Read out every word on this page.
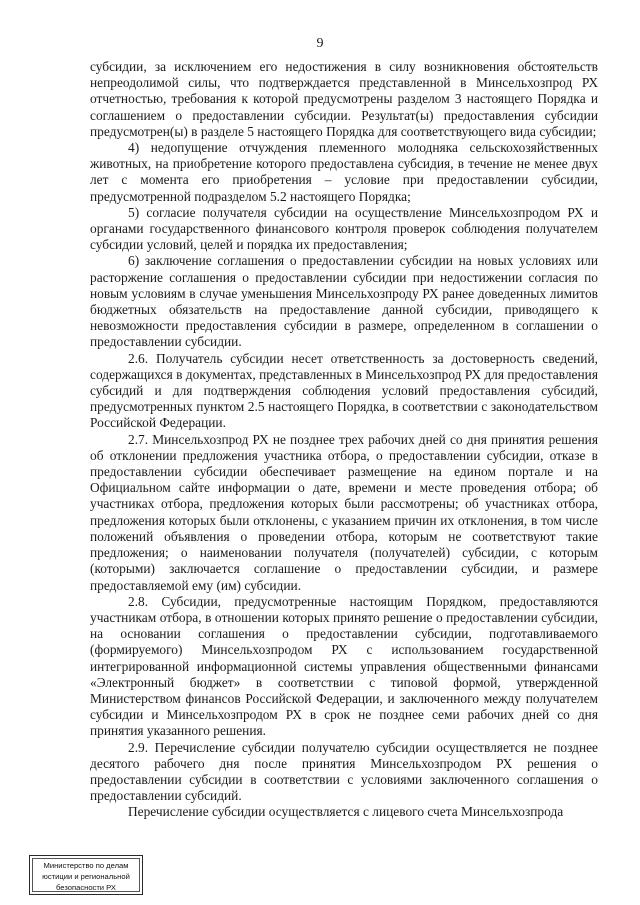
9

субсидии, за исключением его недостижения в силу возникновения обстоятельств непреодолимой силы, что подтверждается представленной в Минсельхозпрод РХ отчетностью, требования к которой предусмотрены разделом 3 настоящего Порядка и соглашением о предоставлении субсидии. Результат(ы) предоставления субсидии предусмотрен(ы) в разделе 5 настоящего Порядка для соответствующего вида субсидии;

4) недопущение отчуждения племенного молодняка сельскохозяйственных животных, на приобретение которого предоставлена субсидия, в течение не менее двух лет с момента его приобретения – условие при предоставлении субсидии, предусмотренной подразделом 5.2 настоящего Порядка;

5) согласие получателя субсидии на осуществление Минсельхозпродом РХ и органами государственного финансового контроля проверок соблюдения получателем субсидии условий, целей и порядка их предоставления;

6) заключение соглашения о предоставлении субсидии на новых условиях или расторжение соглашения о предоставлении субсидии при недостижении согласия по новым условиям в случае уменьшения Минсельхозпроду РХ ранее доведенных лимитов бюджетных обязательств на предоставление данной субсидии, приводящего к невозможности предоставления субсидии в размере, определенном в соглашении о предоставлении субсидии.

2.6. Получатель субсидии несет ответственность за достоверность сведений, содержащихся в документах, представленных в Минсельхозпрод РХ для предоставления субсидий и для подтверждения соблюдения условий предоставления субсидий, предусмотренных пунктом 2.5 настоящего Порядка, в соответствии с законодательством Российской Федерации.

2.7. Минсельхозпрод РХ не позднее трех рабочих дней со дня принятия решения об отклонении предложения участника отбора, о предоставлении субсидии, отказе в предоставлении субсидии обеспечивает размещение на едином портале и на Официальном сайте информации о дате, времени и месте проведения отбора; об участниках отбора, предложения которых были рассмотрены; об участниках отбора, предложения которых были отклонены, с указанием причин их отклонения, в том числе положений объявления о проведении отбора, которым не соответствуют такие предложения; о наименовании получателя (получателей) субсидии, с которым (которыми) заключается соглашение о предоставлении субсидии, и размере предоставляемой ему (им) субсидии.

2.8. Субсидии, предусмотренные настоящим Порядком, предоставляются участникам отбора, в отношении которых принято решение о предоставлении субсидии, на основании соглашения о предоставлении субсидии, подготавливаемого (формируемого) Минсельхозпродом РХ с использованием государственной интегрированной информационной системы управления общественными финансами «Электронный бюджет» в соответствии с типовой формой, утвержденной Министерством финансов Российской Федерации, и заключенного между получателем субсидии и Минсельхозпродом РХ в срок не позднее семи рабочих дней со дня принятия указанного решения.

2.9. Перечисление субсидии получателю субсидии осуществляется не позднее десятого рабочего дня после принятия Минсельхозпродом РХ решения о предоставлении субсидии в соответствии с условиями заключенного соглашения о предоставлении субсидий.

Перечисление субсидии осуществляется с лицевого счета Минсельхозпрода

Министерство по делам
юстиции и региональной
безопасности РХ
